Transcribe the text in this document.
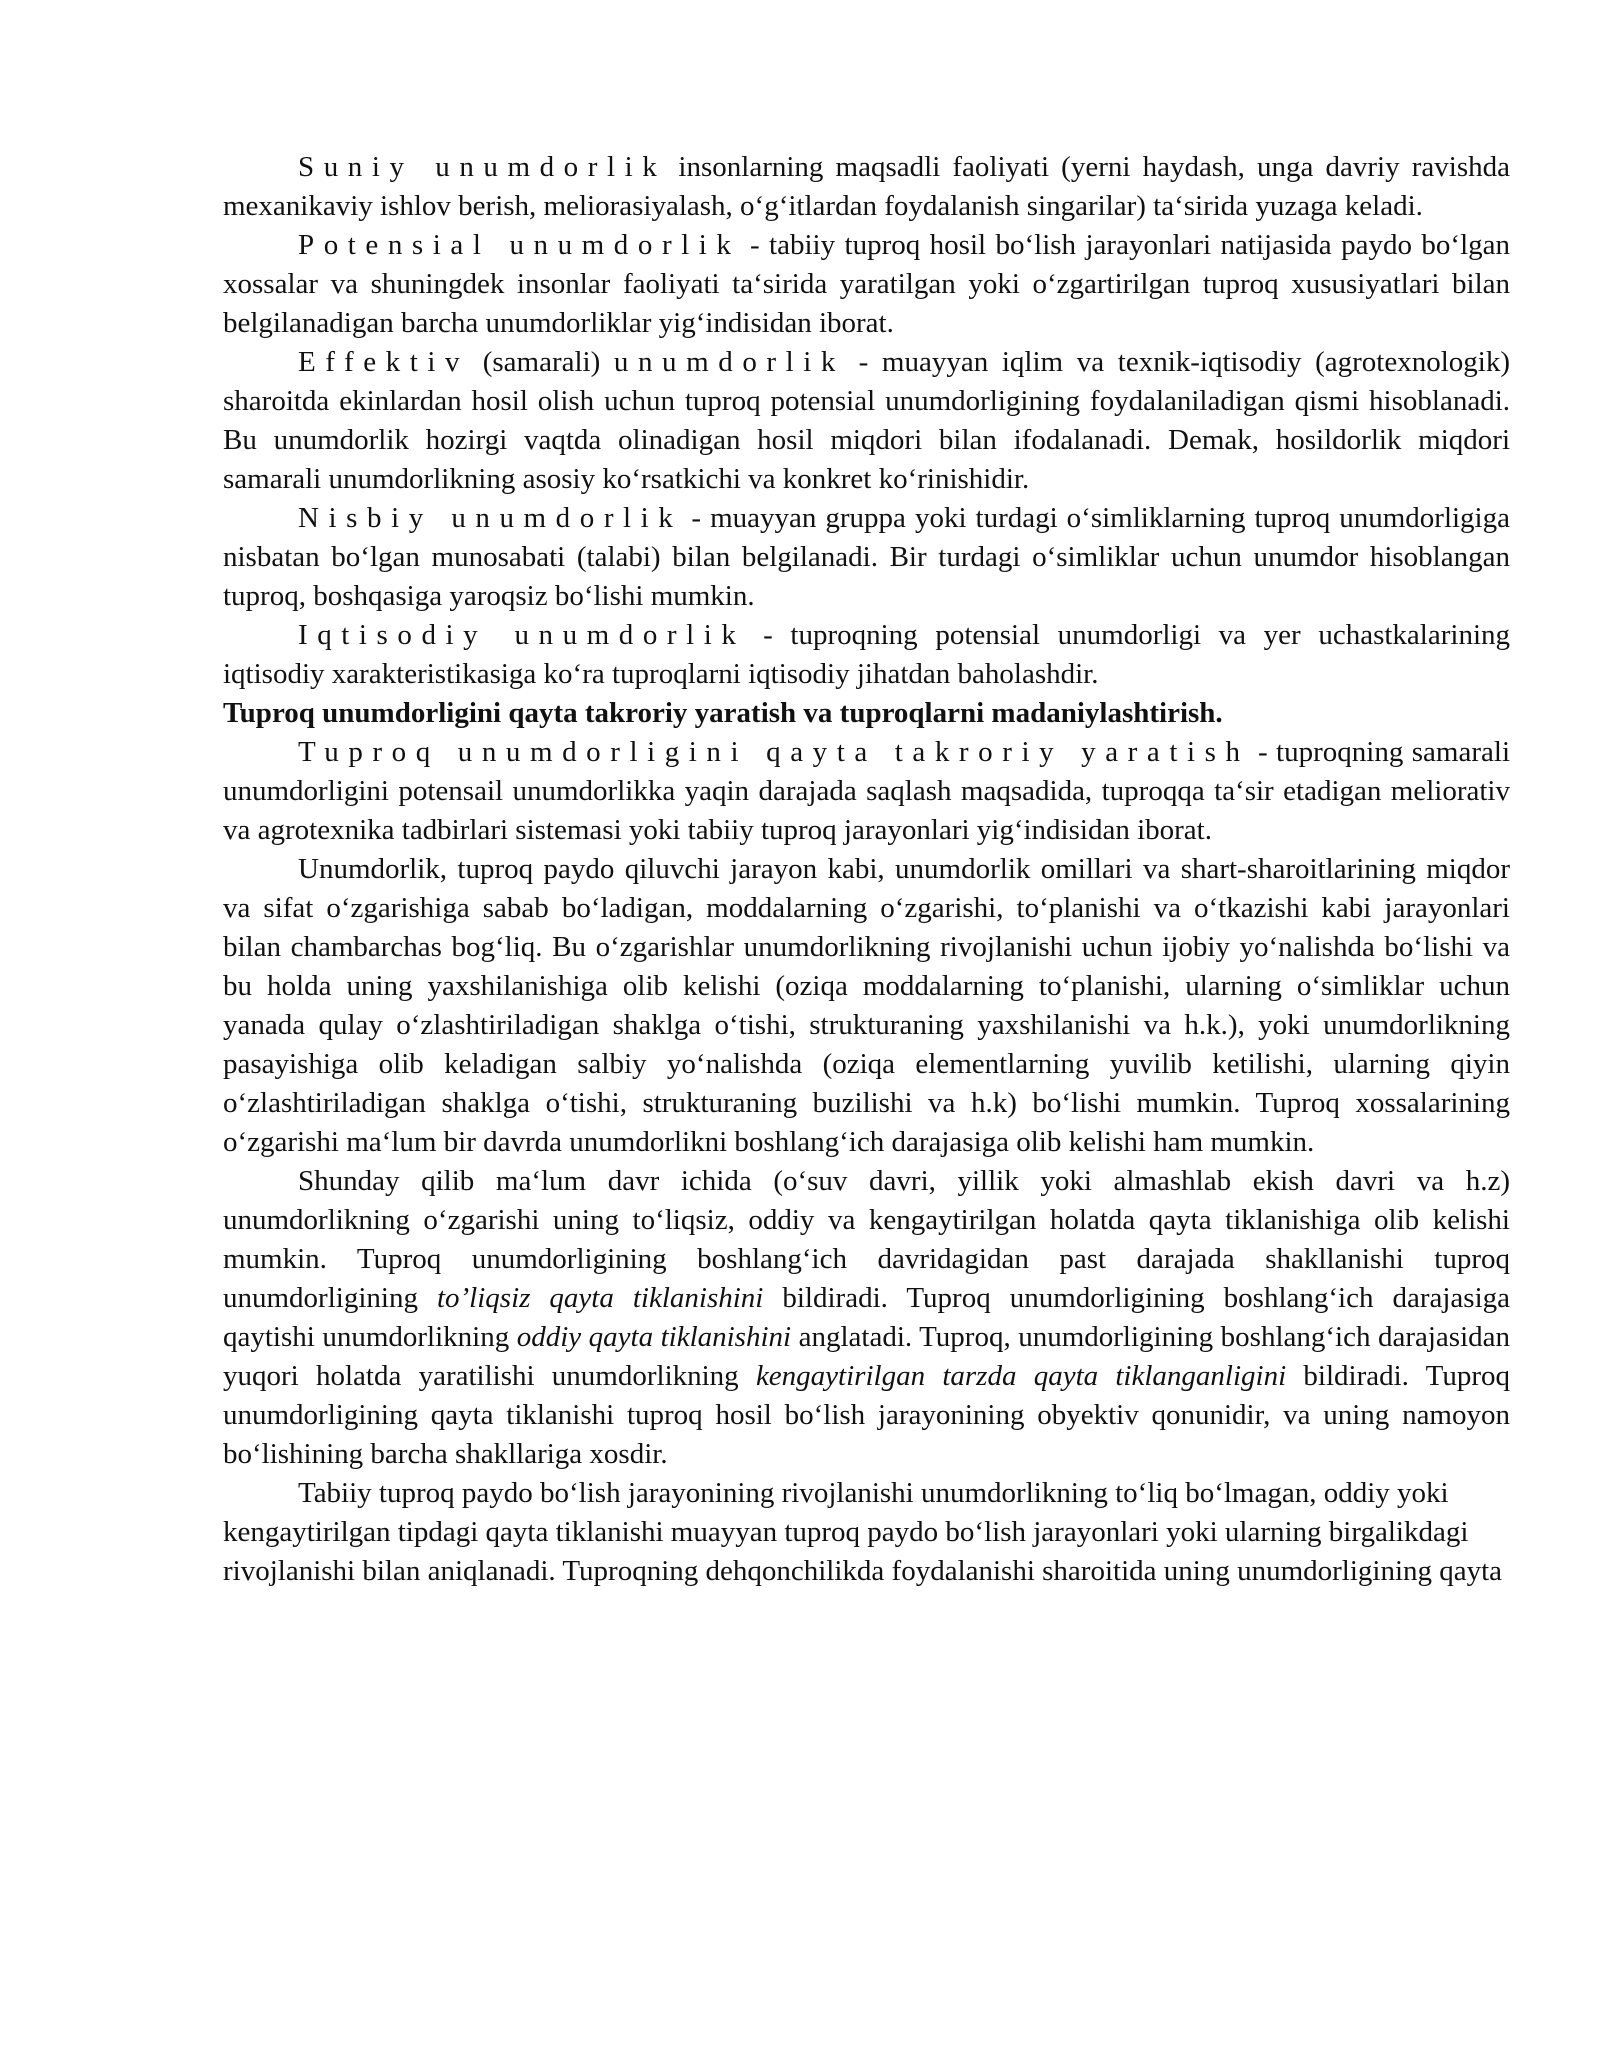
Suniy unumdorlik insonlarning maqsadli faoliyati (yerni haydash, unga davriy ravishda mexanikaviy ishlov berish, meliorasiyalash, o‘g‘itlardan foydalanish singarilar) ta‘sirida yuzaga keladi.

Potensial unumdorlik - tabiiy tuproq hosil bo‘lish jarayonlari natijasida paydo bo‘lgan xossalar va shuningdek insonlar faoliyati ta‘sirida yaratilgan yoki o‘zgartirilgan tuproq xususiyatlari bilan belgilanadigan barcha unumdorliklar yig‘indisidan iborat.

Effektiv (samarali) unumdorlik - muayyan iqlim va texnik-iqtisodiy (agrotexnologik) sharoitda ekinlardan hosil olish uchun tuproq potensial unumdorligining foydalaniladigan qismi hisoblanadi. Bu unumdorlik hozirgi vaqtda olinadigan hosil miqdori bilan ifodalanadi. Demak, hosildorlik miqdori samarali unumdorlikning asosiy ko‘rsatkichi va konkret ko‘rinishidir.

Nisbiy unumdorlik - muayyan gruppa yoki turdagi o‘simliklarning tuproq unumdorligiga nisbatan bo‘lgan munosabati (talabi) bilan belgilanadi. Bir turdagi o‘simliklar uchun unumdor hisoblangan tuproq, boshqasiga yaroqsiz bo‘lishi mumkin.

Iqtisodiy unumdorlik - tuproqning potensial unumdorligi va yer uchastkalarining iqtisodiy xarakteristikasiga ko‘ra tuproqlarni iqtisodiy jihatdan baholashdir.

Tuproq unumdorligini qayta takroriy yaratish va tuproqlarni madaniylashtirish.

Tuproq unumdorligini qayta takroriy yaratish - tuproqning samarali unumdorligini potensail unumdorlikka yaqin darajada saqlash maqsadida, tuproqqa ta‘sir etadigan meliorativ va agrotexnika tadbirlari sistemasi yoki tabiiy tuproq jarayonlari yig‘indisidan iborat.

Unumdorlik, tuproq paydo qiluvchi jarayon kabi, unumdorlik omillari va shart-sharoitlarining miqdor va sifat o‘zgarishiga sabab bo‘ladigan, moddalarning o‘zgarishi, to‘planishi va o‘tkazishi kabi jarayonlari bilan chambarchas bog‘liq. Bu o‘zgarishlar unumdorlikning rivojlanishi uchun ijobiy yo‘nalishda bo‘lishi va bu holda uning yaxshilanishiga olib kelishi (oziqa moddalarning to‘planishi, ularning o‘simliklar uchun yanada qulay o‘zlashtiriladigan shaklga o‘tishi, strukturaning yaxshilanishi va h.k.), yoki unumdorlikning pasayishiga olib keladigan salbiy yo‘nalishda (oziqa elementlarning yuvilib ketilishi, ularning qiyin o‘zlashtiriladigan shaklga o‘tishi, strukturaning buzilishi va h.k) bo‘lishi mumkin. Tuproq xossalarining o‘zgarishi ma‘lum bir davrda unumdorlikni boshlang‘ich darajasiga olib kelishi ham mumkin.

Shunday qilib ma‘lum davr ichida (o‘suv davri, yillik yoki almashlab ekish davri va h.z) unumdorlikning o‘zgarishi uning to‘liqsiz, oddiy va kengaytirilgan holatda qayta tiklanishiga olib kelishi mumkin. Tuproq unumdorligining boshlang‘ich davridagidan past darajada shakllanishi tuproq unumdorligining to’liqsiz qayta tiklanishini bildiradi. Tuproq unumdorligining boshlang‘ich darajasiga qaytishi unumdorlikning oddiy qayta tiklanishini anglatadi. Tuproq, unumdorligining boshlang‘ich darajasidan yuqori holatda yaratilishi unumdorlikning kengaytirilgan tarzda qayta tiklanganligini bildiradi. Tuproq unumdorligining qayta tiklanishi tuproq hosil bo‘lish jarayonining obyektiv qonunidir, va uning namoyon bo‘lishining barcha shakllariga xosdir.

Tabiiy tuproq paydo bo‘lish jarayonining rivojlanishi unumdorlikning to‘liq bo‘lmagan, oddiy yoki kengaytirilgan tipdagi qayta tiklanishi muayyan tuproq paydo bo‘lish jarayonlari yoki ularning birgalikdagi rivojlanishi bilan aniqlanadi. Tuproqning dehqonchilikda foydalanishi sharoitida uning unumdorligining qayta
